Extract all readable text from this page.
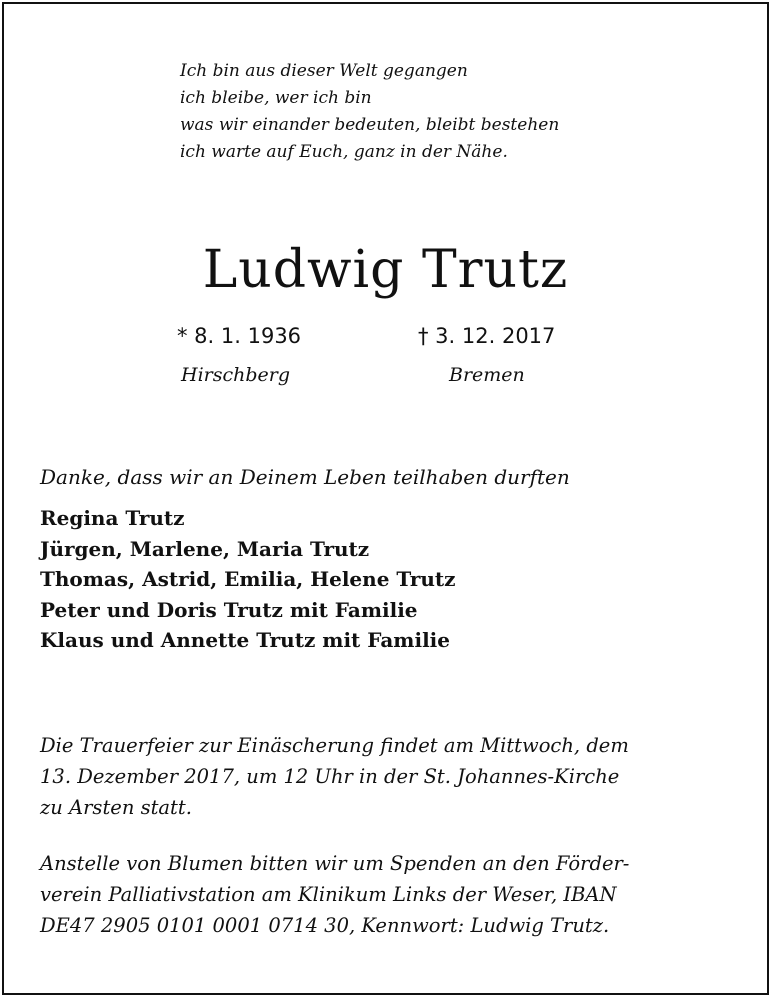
Ich bin aus dieser Welt gegangen
ich bleibe, wer ich bin
was wir einander bedeuten, bleibt bestehen
ich warte auf Euch, ganz in der Nähe.
Ludwig Trutz
* 8. 1. 1936	† 3. 12. 2017
Hirschberg	Bremen
Danke, dass wir an Deinem Leben teilhaben durften
Regina Trutz
Jürgen, Marlene, Maria Trutz
Thomas, Astrid, Emilia, Helene Trutz
Peter und Doris Trutz mit Familie
Klaus und Annette Trutz mit Familie
Die Trauerfeier zur Einäscherung findet am Mittwoch, dem
13. Dezember 2017, um 12 Uhr in der St. Johannes-Kirche
zu Arsten statt.
Anstelle von Blumen bitten wir um Spenden an den Förder-
verein Palliativstation am Klinikum Links der Weser, IBAN
DE47 2905 0101 0001 0714 30, Kennwort: Ludwig Trutz.
